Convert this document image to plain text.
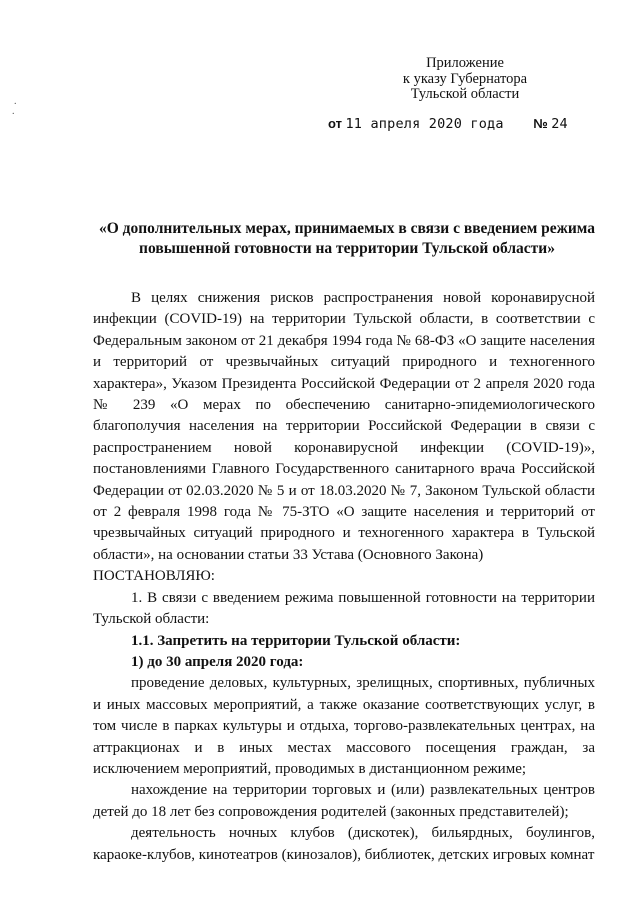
Приложение
к указу Губернатора
Тульской области
от 11 апреля 2020 года № 24
«О дополнительных мерах, принимаемых в связи с введением режима повышенной готовности на территории Тульской области»

В целях снижения рисков распространения новой коронавирусной инфекции (COVID-19) на территории Тульской области, в соответствии с Федеральным законом от 21 декабря 1994 года № 68-ФЗ «О защите населения и территорий от чрезвычайных ситуаций природного и техногенного характера», Указом Президента Российской Федерации от 2 апреля 2020 года № 239 «О мерах по обеспечению санитарно-эпидемиологического благополучия населения на территории Российской Федерации в связи с распространением новой коронавирусной инфекции (COVID-19)», постановлениями Главного Государственного санитарного врача Российской Федерации от 02.03.2020 № 5 и от 18.03.2020 № 7, Законом Тульской области от 2 февраля 1998 года № 75-ЗТО «О защите населения и территорий от чрезвычайных ситуаций природного и техногенного характера в Тульской области», на основании статьи 33 Устава (Основного Закона)

ПОСТАНОВЛЯЮ:

1. В связи с введением режима повышенной готовности на территории Тульской области:

1.1. Запретить на территории Тульской области:

1) до 30 апреля 2020 года:

проведение деловых, культурных, зрелищных, спортивных, публичных и иных массовых мероприятий, а также оказание соответствующих услуг, в том числе в парках культуры и отдыха, торгово-развлекательных центрах, на аттракционах и в иных местах массового посещения граждан, за исключением мероприятий, проводимых в дистанционном режиме;

нахождение на территории торговых и (или) развлекательных центров детей до 18 лет без сопровождения родителей (законных представителей);

деятельность ночных клубов (дискотек), бильярдных, боулингов, караоке-клубов, кинотеатров (кинозалов), библиотек, детских игровых комнат

.
.
